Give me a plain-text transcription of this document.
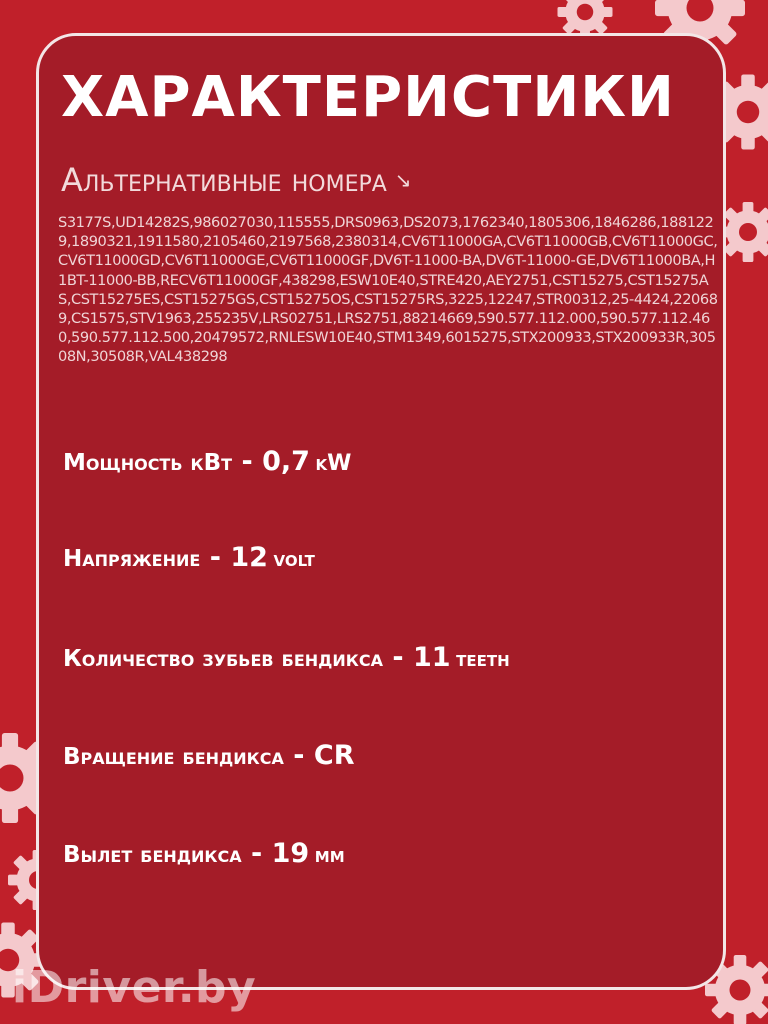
ХАРАКТЕРИСТИКИ
Альтернативные номера ↘
S3177S,UD14282S,986027030,115555,DRS0963,DS2073,1762340,1805306,1846286,1881229,1890321,1911580,2105460,2197568,2380314,CV6T11000GA,CV6T11000GB,CV6T11000GC,CV6T11000GD,CV6T11000GE,CV6T11000GF,DV6T-11000-BA,DV6T-11000-GE,DV6T11000BA,H1BT-11000-BB,RECV6T11000GF,438298,ESW10E40,STRE420,AEY2751,CST15275,CST15275AS,CST15275ES,CST15275GS,CST15275OS,CST15275RS,3225,12247,STR00312,25-4424,220689,CS1575,STV1963,255235V,LRS02751,LRS2751,88214669,590.577.112.000,590.577.112.460,590.577.112.500,20479572,RNLESW10E40,STM1349,6015275,STX200933,STX200933R,30508N,30508R,VAL438298
Мощность кВт - 0,7 kW
Напряжение - 12 volt
Количество зубьев бендикса - 11 teeth
Вращение бендикса - CR
Вылет бендикса - 19 мм
iDriver.by
